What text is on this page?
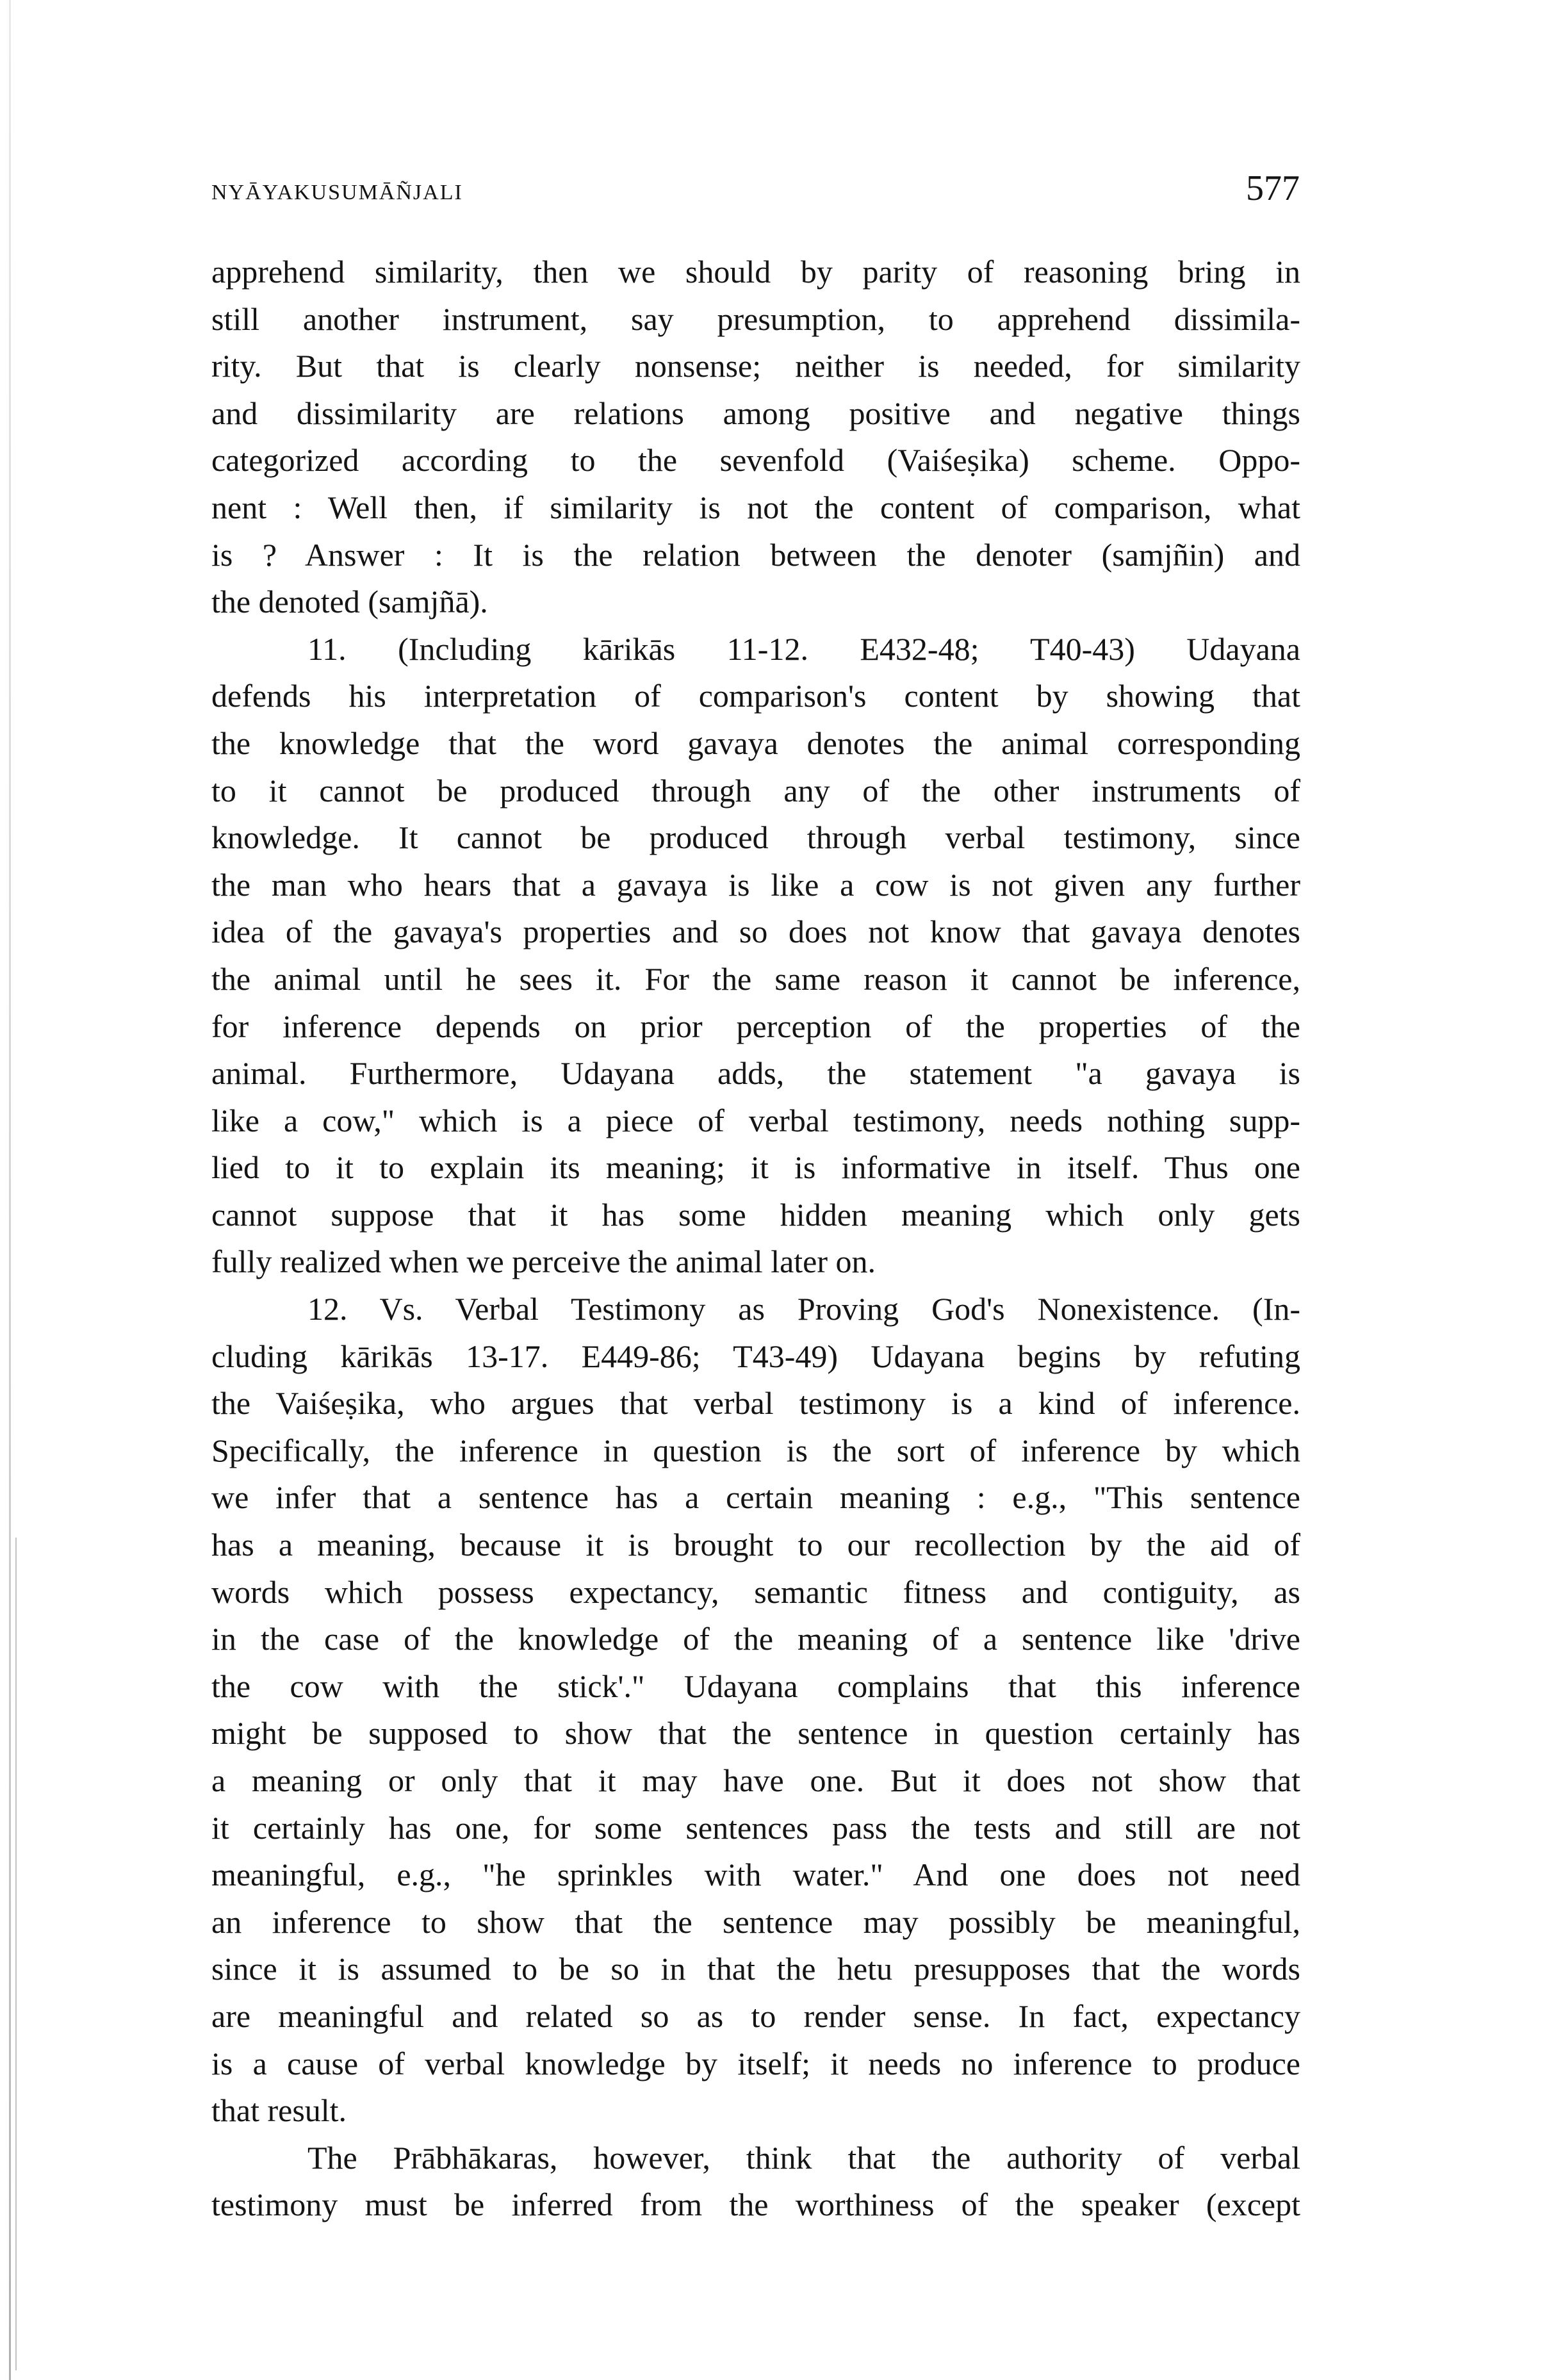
NYĀYAKUSUMĀÑJALI	577
apprehend similarity, then we should by parity of reasoning bring in
still another instrument, say presumption, to apprehend dissimila-
rity. But that is clearly nonsense; neither is needed, for similarity
and dissimilarity are relations among positive and negative things
categorized according to the sevenfold (Vaiśeṣika) scheme. Oppo-
nent : Well then, if similarity is not the content of comparison, what
is ? Answer : It is the relation between the denoter (samjñin) and
the denoted (samjñā).
11. (Including kārikās 11-12. E432-48; T40-43) Udayana
defends his interpretation of comparison's content by showing that
the knowledge that the word gavaya denotes the animal corresponding
to it cannot be produced through any of the other instruments of
knowledge. It cannot be produced through verbal testimony, since
the man who hears that a gavaya is like a cow is not given any further
idea of the gavaya's properties and so does not know that gavaya denotes
the animal until he sees it. For the same reason it cannot be inference,
for inference depends on prior perception of the properties of the
animal. Furthermore, Udayana adds, the statement "a gavaya is
like a cow," which is a piece of verbal testimony, needs nothing supp-
lied to it to explain its meaning; it is informative in itself. Thus one
cannot suppose that it has some hidden meaning which only gets
fully realized when we perceive the animal later on.
12. Vs. Verbal Testimony as Proving God's Nonexistence. (In-
cluding kārikās 13-17. E449-86; T43-49) Udayana begins by refuting
the Vaiśeṣika, who argues that verbal testimony is a kind of inference.
Specifically, the inference in question is the sort of inference by which
we infer that a sentence has a certain meaning : e.g., "This sentence
has a meaning, because it is brought to our recollection by the aid of
words which possess expectancy, semantic fitness and contiguity, as
in the case of the knowledge of the meaning of a sentence like 'drive
the cow with the stick'." Udayana complains that this inference
might be supposed to show that the sentence in question certainly has
a meaning or only that it may have one. But it does not show that
it certainly has one, for some sentences pass the tests and still are not
meaningful, e.g., "he sprinkles with water." And one does not need
an inference to show that the sentence may possibly be meaningful,
since it is assumed to be so in that the hetu presupposes that the words
are meaningful and related so as to render sense. In fact, expectancy
is a cause of verbal knowledge by itself; it needs no inference to produce
that result.
The Prābhākaras, however, think that the authority of verbal
testimony must be inferred from the worthiness of the speaker (except
